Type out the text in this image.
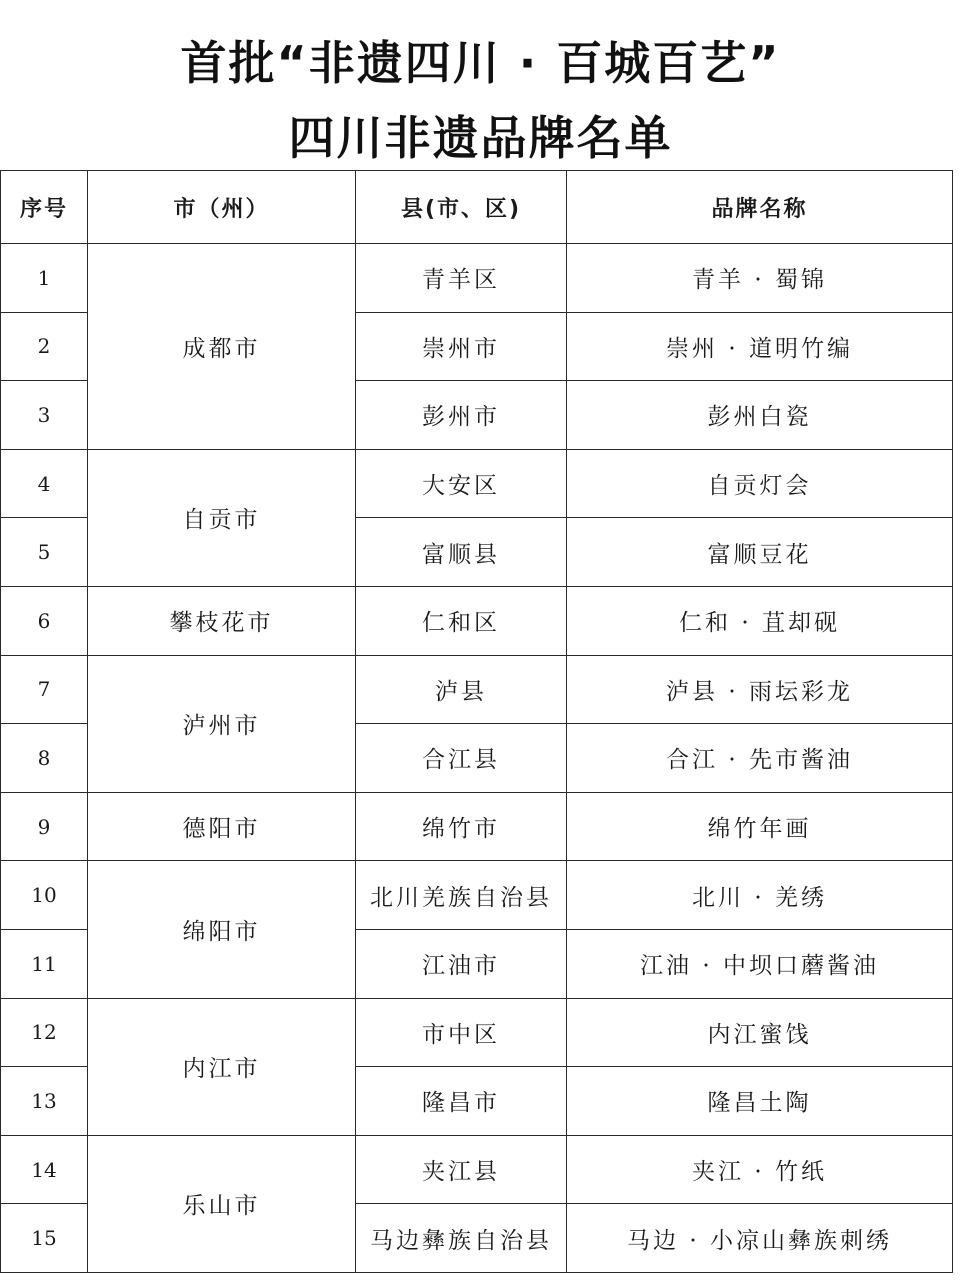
首批“非遗四川 · 百城百艺”
四川非遗品牌名单
序号	市（州）	县(市、区)	品牌名称
1	成都市	青羊区	青羊 · 蜀锦
2		崇州市	崇州 · 道明竹编
3		彭州市	彭州白瓷
4	自贡市	大安区	自贡灯会
5		富顺县	富顺豆花
6	攀枝花市	仁和区	仁和 · 苴却砚
7	泸州市	泸县	泸县 · 雨坛彩龙
8		合江县	合江 · 先市酱油
9	德阳市	绵竹市	绵竹年画
10	绵阳市	北川羌族自治县	北川 · 羌绣
11		江油市	江油 · 中坝口蘑酱油
12	内江市	市中区	内江蜜饯
13		隆昌市	隆昌土陶
14	乐山市	夹江县	夹江 · 竹纸
15		马边彝族自治县	马边 · 小凉山彝族刺绣
